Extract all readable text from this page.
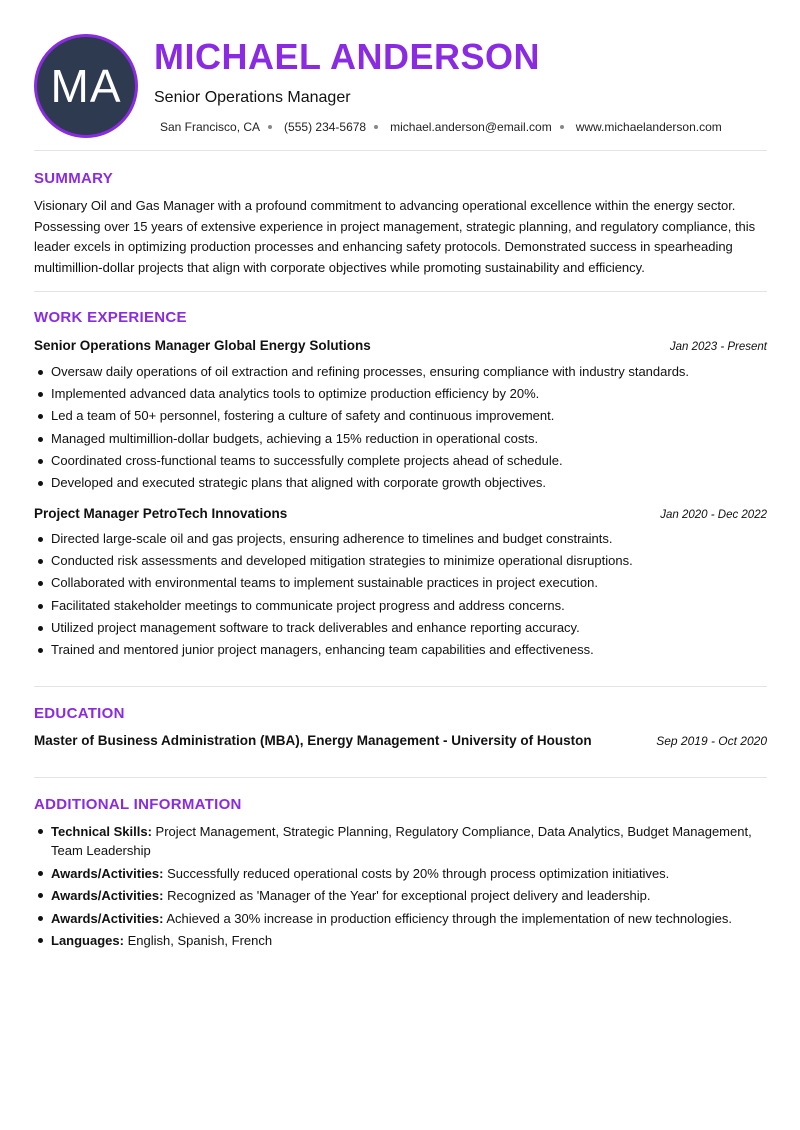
MA
MICHAEL ANDERSON
Senior Operations Manager
San Francisco, CA (555) 234-5678 michael.anderson@email.com www.michaelanderson.com
SUMMARY
Visionary Oil and Gas Manager with a profound commitment to advancing operational excellence within the energy sector. Possessing over 15 years of extensive experience in project management, strategic planning, and regulatory compliance, this leader excels in optimizing production processes and enhancing safety protocols. Demonstrated success in spearheading multimillion-dollar projects that align with corporate objectives while promoting sustainability and efficiency.
WORK EXPERIENCE
Senior Operations Manager Global Energy Solutions	Jan 2023 - Present
Oversaw daily operations of oil extraction and refining processes, ensuring compliance with industry standards.
Implemented advanced data analytics tools to optimize production efficiency by 20%.
Led a team of 50+ personnel, fostering a culture of safety and continuous improvement.
Managed multimillion-dollar budgets, achieving a 15% reduction in operational costs.
Coordinated cross-functional teams to successfully complete projects ahead of schedule.
Developed and executed strategic plans that aligned with corporate growth objectives.
Project Manager PetroTech Innovations	Jan 2020 - Dec 2022
Directed large-scale oil and gas projects, ensuring adherence to timelines and budget constraints.
Conducted risk assessments and developed mitigation strategies to minimize operational disruptions.
Collaborated with environmental teams to implement sustainable practices in project execution.
Facilitated stakeholder meetings to communicate project progress and address concerns.
Utilized project management software to track deliverables and enhance reporting accuracy.
Trained and mentored junior project managers, enhancing team capabilities and effectiveness.
EDUCATION
Master of Business Administration (MBA), Energy Management - University of Houston	Sep 2019 - Oct 2020
ADDITIONAL INFORMATION
Technical Skills: Project Management, Strategic Planning, Regulatory Compliance, Data Analytics, Budget Management, Team Leadership
Awards/Activities: Successfully reduced operational costs by 20% through process optimization initiatives.
Awards/Activities: Recognized as 'Manager of the Year' for exceptional project delivery and leadership.
Awards/Activities: Achieved a 30% increase in production efficiency through the implementation of new technologies.
Languages: English, Spanish, French
